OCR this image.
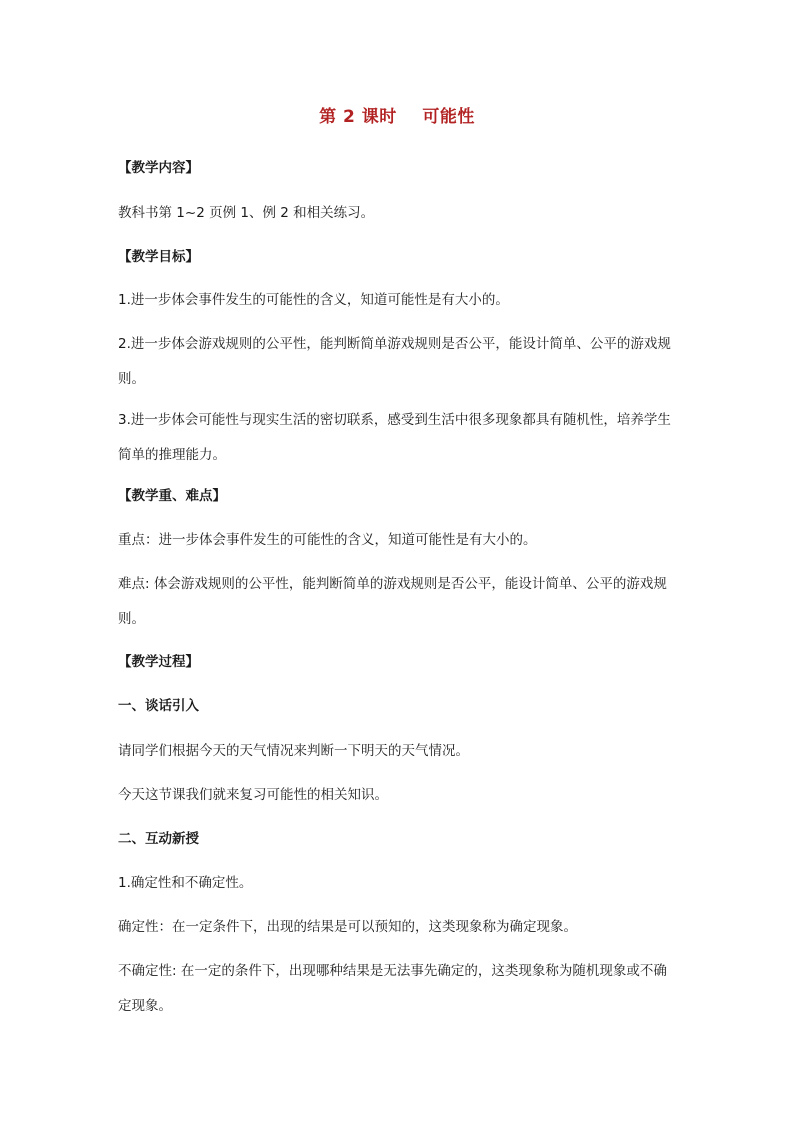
第 2 课时    可能性
【教学内容】
教科书第 1~2 页例 1、例 2 和相关练习。
【教学目标】
1.进一步体会事件发生的可能性的含义，知道可能性是有大小的。
2.进一步体会游戏规则的公平性，能判断简单游戏规则是否公平，能设计简单、公平的游戏规则。
3.进一步体会可能性与现实生活的密切联系，感受到生活中很多现象都具有随机性，培养学生简单的推理能力。
【教学重、难点】
重点：进一步体会事件发生的可能性的含义，知道可能性是有大小的。
难点: 体会游戏规则的公平性，能判断简单的游戏规则是否公平，能设计简单、公平的游戏规则。
【教学过程】
一、谈话引入
请同学们根据今天的天气情况来判断一下明天的天气情况。
今天这节课我们就来复习可能性的相关知识。
二、互动新授
1.确定性和不确定性。
确定性：在一定条件下，出现的结果是可以预知的，这类现象称为确定现象。
不确定性: 在一定的条件下，出现哪种结果是无法事先确定的，这类现象称为随机现象或不确定现象。
